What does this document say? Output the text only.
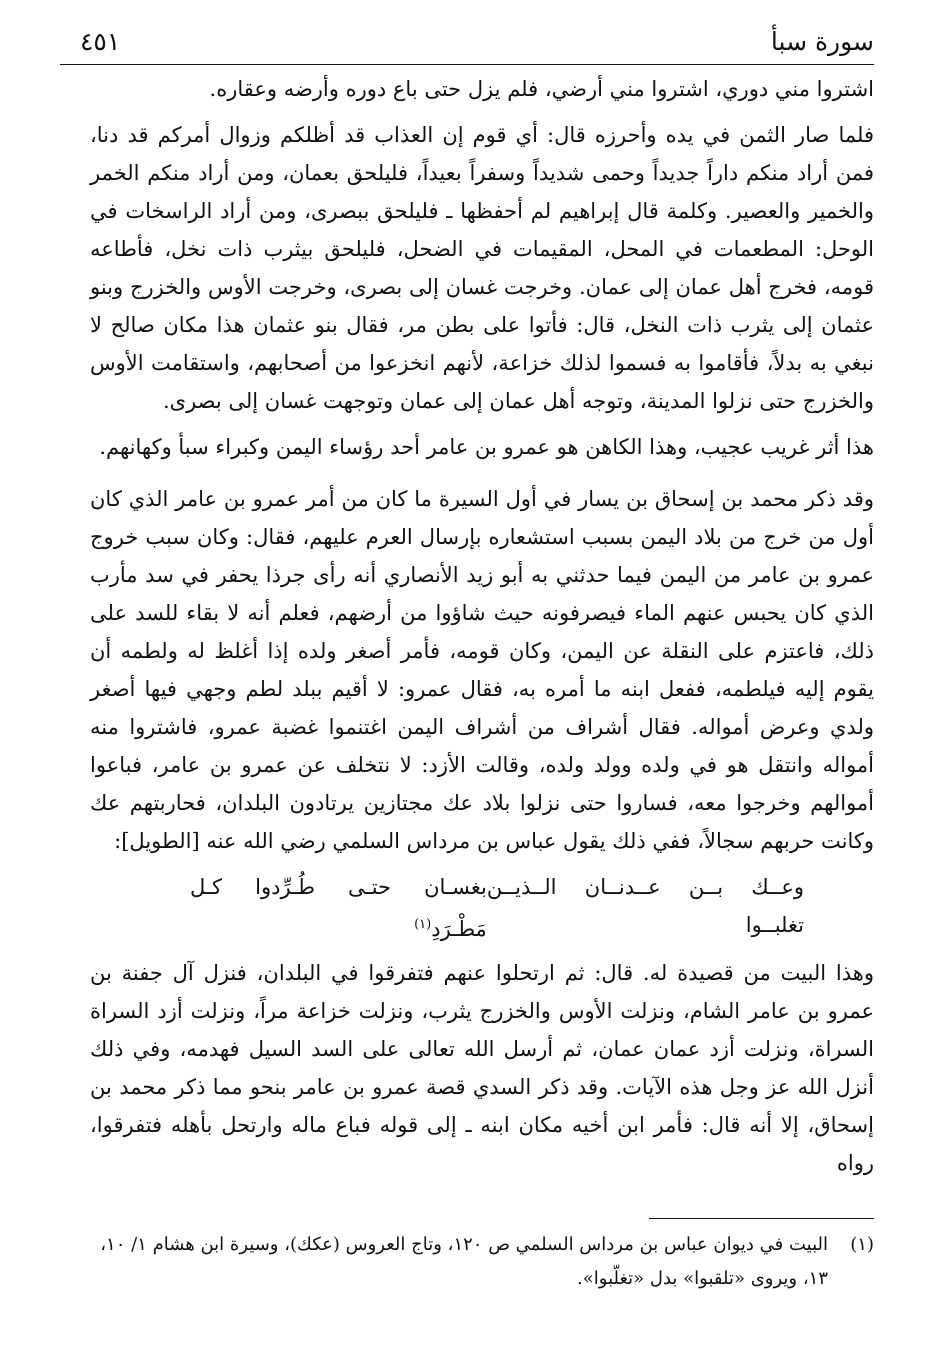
سورة سبأ
٤٥١

اشتروا مني دوري، اشتروا مني أرضي، فلم يزل حتى باع دوره وأرضه وعقاره.

فلما صار الثمن في يده وأحرزه قال: أي قوم إن العذاب قد أظلكم وزوال أمركم قد دنا، فمن أراد منكم داراً جديداً وحمى شديداً وسفراً بعيداً، فليلحق بعمان، ومن أراد منكم الخمر والخمير والعصير. وكلمة قال إبراهيم لم أحفظها ـ فليلحق ببصرى، ومن أراد الراسخات في الوحل: المطعمات في المحل، المقيمات في الضحل، فليلحق بيثرب ذات نخل، فأطاعه قومه، فخرج أهل عمان إلى عمان. وخرجت غسان إلى بصرى، وخرجت الأوس والخزرج وبنو عثمان إلى يثرب ذات النخل، قال: فأتوا على بطن مر، فقال بنو عثمان هذا مكان صالح لا نبغي به بدلاً، فأقاموا به فسموا لذلك خزاعة، لأنهم انخزعوا من أصحابهم، واستقامت الأوس والخزرج حتى نزلوا المدينة، وتوجه أهل عمان إلى عمان وتوجهت غسان إلى بصرى.

هذا أثر غريب عجيب، وهذا الكاهن هو عمرو بن عامر أحد رؤساء اليمن وكبراء سبأ وكهانهم.

وقد ذكر محمد بن إسحاق بن يسار في أول السيرة ما كان من أمر عمرو بن عامر الذي كان أول من خرج من بلاد اليمن بسبب استشعاره بإرسال العرم عليهم، فقال: وكان سبب خروج عمرو بن عامر من اليمن فيما حدثني به أبو زيد الأنصاري أنه رأى جرذا يحفر في سد مأرب الذي كان يحبس عنهم الماء فيصرفونه حيث شاؤوا من أرضهم، فعلم أنه لا بقاء للسد على ذلك، فاعتزم على النقلة عن اليمن، وكان قومه، فأمر أصغر ولده إذا أغلظ له ولطمه أن يقوم إليه فيلطمه، ففعل ابنه ما أمره به، فقال عمرو: لا أقيم ببلد لطم وجهي فيها أصغر ولدي وعرض أمواله. فقال أشراف من أشراف اليمن اغتنموا غضبة عمرو، فاشتروا منه أمواله وانتقل هو في ولده وولد ولده، وقالت الأزد: لا نتخلف عن عمرو بن عامر، فباعوا أموالهم وخرجوا معه، فساروا حتى نزلوا بلاد عك مجتازين يرتادون البلدان، فحاربتهم عك وكانت حربهم سجالاً، ففي ذلك يقول عباس بن مرداس السلمي رضي الله عنه [الطويل]:

وعــك بــن عــدنــان الــذيــن تغلبــوا
بغسـان حتـى طُـرِّدوا كـل مَطْـرَدِ$^{(١)}$

وهذا البيت من قصيدة له. قال: ثم ارتحلوا عنهم فتفرقوا في البلدان، فنزل آل جفنة بن عمرو بن عامر الشام، ونزلت الأوس والخزرج يثرب، ونزلت خزاعة مراً، ونزلت أزد السراة السراة، ونزلت أزد عمان عمان، ثم أرسل الله تعالى على السد السيل فهدمه، وفي ذلك أنزل الله عز وجل هذه الآيات. وقد ذكر السدي قصة عمرو بن عامر بنحو مما ذكر محمد بن إسحاق، إلا أنه قال: فأمر ابن أخيه مكان ابنه ـ إلى قوله فباع ماله وارتحل بأهله فتفرقوا، رواه

(١)البيت في ديوان عباس بن مرداس السلمي ص ١٢٠، وتاج العروس (عكك)، وسيرة ابن هشام ١/ ١٠،
١٣، ويروى «تلقبوا» بدل «تغلّبوا».
